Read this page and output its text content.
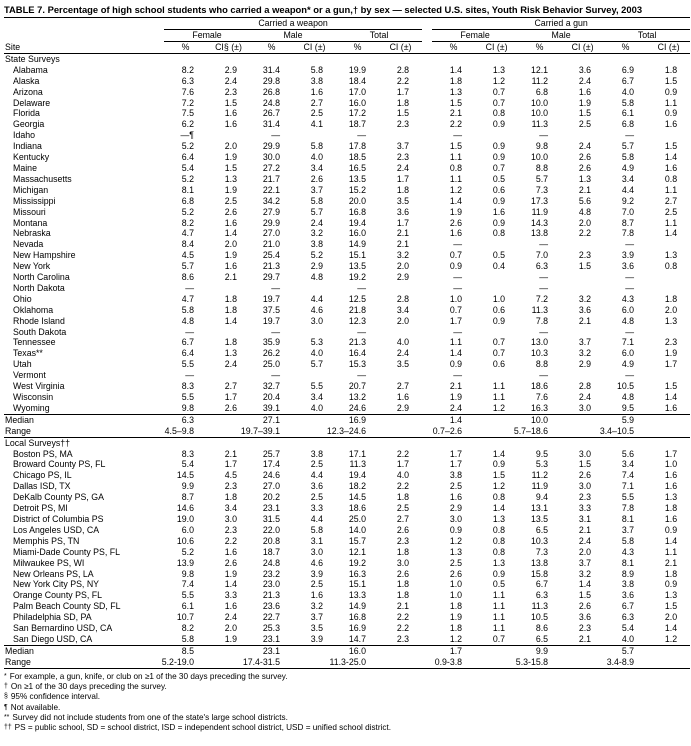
TABLE 7. Percentage of high school students who carried a weapon* or a gun,† by sex — selected U.S. sites, Youth Risk Behavior Survey, 2003
	Carried a weapon							Carried a gun					
	Female		Male		Total			Female		Male		Total	
Site	%	CI§ (±)	%	CI (±)	%	CI (±)		%	CI (±)	%	CI (±)	%	CI (±)
State Surveys													
Alabama	8.2	2.9	31.4	5.8	19.9	2.8		1.4	1.3	12.1	3.6	6.9	1.8
Alaska	6.3	2.4	29.8	3.8	18.4	2.2		1.8	1.2	11.2	2.4	6.7	1.5
Arizona	7.6	2.3	26.8	1.6	17.0	1.7		1.3	0.7	6.8	1.6	4.0	0.9
Delaware	7.2	1.5	24.8	2.7	16.0	1.8		1.5	0.7	10.0	1.9	5.8	1.1
Florida	7.5	1.6	26.7	2.5	17.2	1.5		2.1	0.8	10.0	1.5	6.1	0.9
Georgia	6.2	1.6	31.4	4.1	18.7	2.3		2.2	0.9	11.3	2.5	6.8	1.6
Idaho	—¶		—		—			—		—		—	
Indiana	5.2	2.0	29.9	5.8	17.8	3.7		1.5	0.9	9.8	2.4	5.7	1.5
Kentucky	6.4	1.9	30.0	4.0	18.5	2.3		1.1	0.9	10.0	2.6	5.8	1.4
Maine	5.4	1.5	27.2	3.4	16.5	2.4		0.8	0.7	8.8	2.6	4.9	1.6
Massachusetts	5.2	1.3	21.7	2.6	13.5	1.7		1.1	0.5	5.7	1.3	3.4	0.8
Michigan	8.1	1.9	22.1	3.7	15.2	1.8		1.2	0.6	7.3	2.1	4.4	1.1
Mississippi	6.8	2.5	34.2	5.8	20.0	3.5		1.4	0.9	17.3	5.6	9.2	2.7
Missouri	5.2	2.6	27.9	5.7	16.8	3.6		1.9	1.6	11.9	4.8	7.0	2.5
Montana	8.2	1.6	29.9	2.4	19.4	1.7		2.6	0.9	14.3	2.0	8.7	1.1
Nebraska	4.7	1.4	27.0	3.2	16.0	2.1		1.6	0.8	13.8	2.2	7.8	1.4
Nevada	8.4	2.0	21.0	3.8	14.9	2.1		—		—		—	
New Hampshire	4.5	1.9	25.4	5.2	15.1	3.2		0.7	0.5	7.0	2.3	3.9	1.3
New York	5.7	1.6	21.3	2.9	13.5	2.0		0.9	0.4	6.3	1.5	3.6	0.8
North Carolina	8.6	2.1	29.7	4.8	19.2	2.9		—		—		—	
North Dakota	—		—		—			—		—		—	
Ohio	4.7	1.8	19.7	4.4	12.5	2.8		1.0	1.0	7.2	3.2	4.3	1.8
Oklahoma	5.8	1.8	37.5	4.6	21.8	3.4		0.7	0.6	11.3	3.6	6.0	2.0
Rhode Island	4.8	1.4	19.7	3.0	12.3	2.0		1.7	0.9	7.8	2.1	4.8	1.3
South Dakota	—		—		—			—		—		—	
Tennessee	6.7	1.8	35.9	5.3	21.3	4.0		1.1	0.7	13.0	3.7	7.1	2.3
Texas**	6.4	1.3	26.2	4.0	16.4	2.4		1.4	0.7	10.3	3.2	6.0	1.9
Utah	5.5	2.4	25.0	5.7	15.3	3.5		0.9	0.6	8.8	2.9	4.9	1.7
Vermont	—		—		—			—		—		—	
West Virginia	8.3	2.7	32.7	5.5	20.7	2.7		2.1	1.1	18.6	2.8	10.5	1.5
Wisconsin	5.5	1.7	20.4	3.4	13.2	1.6		1.9	1.1	7.6	2.4	4.8	1.4
Wyoming	9.8	2.6	39.1	4.0	24.6	2.9		2.4	1.2	16.3	3.0	9.5	1.6
Median	6.3		27.1		16.9			1.4		10.0		5.9	
Range	4.5–9.8		19.7–39.1		12.3–24.6			0.7–2.6		5.7–18.6		3.4–10.5	

Local Surveys††													
Boston PS, MA	8.3	2.1	25.7	3.8	17.1	2.2		1.7	1.4	9.5	3.0	5.6	1.7
Broward County PS, FL	5.4	1.7	17.4	2.5	11.3	1.7		1.7	0.9	5.3	1.5	3.4	1.0
Chicago PS, IL	14.5	4.5	24.6	4.4	19.4	4.0		3.8	1.5	11.2	2.6	7.4	1.6
Dallas ISD, TX	9.9	2.3	27.0	3.6	18.2	2.2		2.5	1.2	11.9	3.0	7.1	1.6
DeKalb County PS, GA	8.7	1.8	20.2	2.5	14.5	1.8		1.6	0.8	9.4	2.3	5.5	1.3
Detroit PS, MI	14.6	3.4	23.1	3.3	18.6	2.5		2.9	1.4	13.1	3.3	7.8	1.8
District of Columbia PS	19.0	3.0	31.5	4.4	25.0	2.7		3.0	1.3	13.5	3.1	8.1	1.6
Los Angeles USD, CA	6.0	2.3	22.0	5.8	14.0	2.6		0.9	0.8	6.5	2.1	3.7	0.9
Memphis PS, TN	10.6	2.2	20.8	3.1	15.7	2.3		1.2	0.8	10.3	2.4	5.8	1.4
Miami-Dade County PS, FL	5.2	1.6	18.7	3.0	12.1	1.8		1.3	0.8	7.3	2.0	4.3	1.1
Milwaukee PS, WI	13.9	2.6	24.8	4.6	19.2	3.0		2.5	1.3	13.8	3.7	8.1	2.1
New Orleans PS, LA	9.8	1.9	23.2	3.9	16.3	2.6		2.6	0.9	15.8	3.2	8.9	1.8
New York City PS, NY	7.4	1.4	23.0	2.5	15.1	1.8		1.0	0.5	6.7	1.4	3.8	0.9
Orange County PS, FL	5.5	3.3	21.3	1.6	13.3	1.8		1.0	1.1	6.3	1.5	3.6	1.3
Palm Beach County SD, FL	6.1	1.6	23.6	3.2	14.9	2.1		1.8	1.1	11.3	2.6	6.7	1.5
Philadelphia SD, PA	10.7	2.4	22.7	3.7	16.8	2.2		1.9	1.1	10.5	3.6	6.3	2.0
San Bernardino USD, CA	8.2	2.0	25.3	3.5	16.9	2.2		1.8	1.1	8.6	2.3	5.4	1.4
San Diego USD, CA	5.8	1.9	23.1	3.9	14.7	2.3		1.2	0.7	6.5	2.1	4.0	1.2
Median	8.5		23.1		16.0			1.7		9.9		5.7	
Range	5.2-19.0		17.4-31.5		11.3-25.0			0.9-3.8		5.3-15.8		3.4-8.9	

* For example, a gun, knife, or club on ≥1 of the 30 days preceding the survey.
† On ≥1 of the 30 days preceding the survey.
§ 95% confidence interval.
¶ Not available.
** Survey did not include students from one of the state's large school districts.
†† PS = public school, SD = school district, ISD = independent school district, USD = unified school district.
